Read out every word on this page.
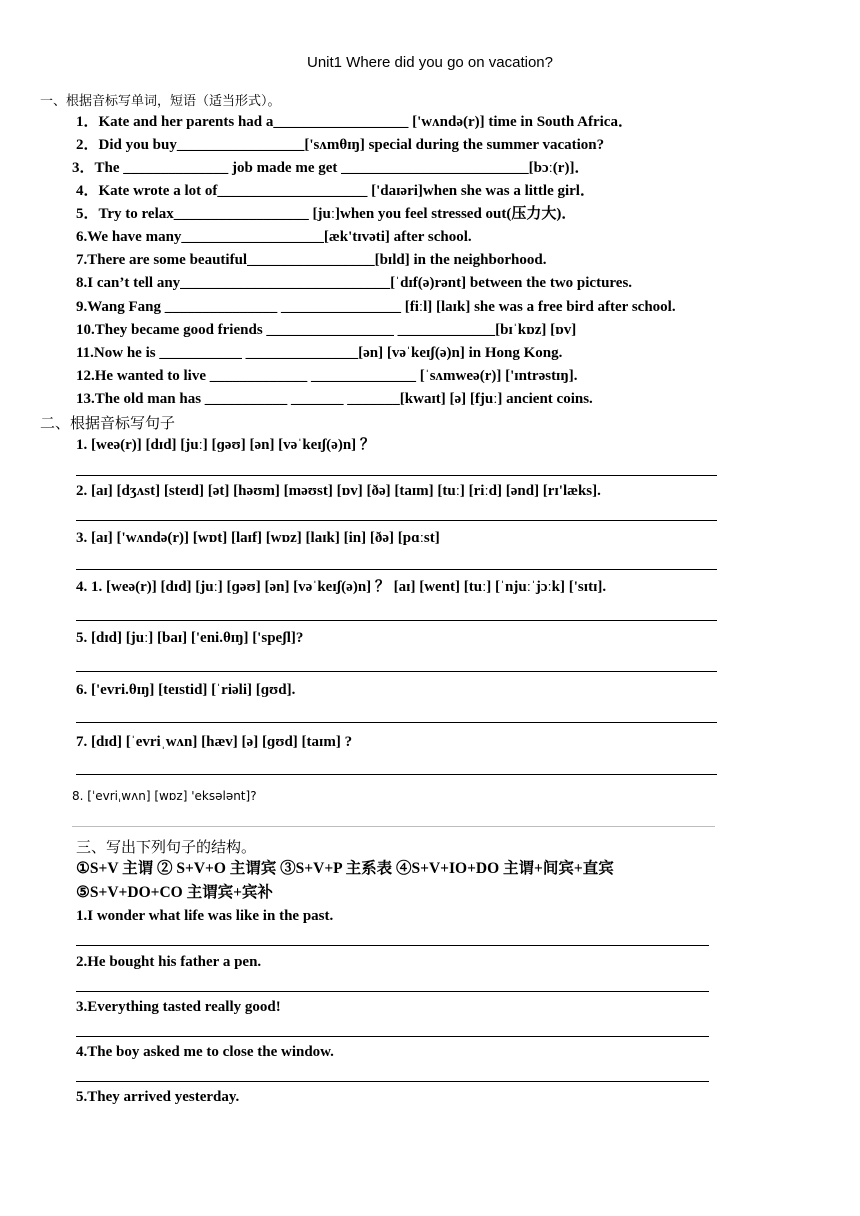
Unit1 Where did you go on vacation?
一、根据音标写单词，短语（适当形式）。
1．Kate and her parents had a__________________ ['wʌndə(r)] time in South Africa．
2．Did you buy_________________['sʌmθɪŋ] special during the summer vacation?
3．The ______________ job made me get _________________________[bɔː(r)]．
4．Kate wrote a lot of____________________ ['daɪəri]when she was a little girl．
5．Try to relax__________________ [juː]when you feel stressed out(压力大)．
6.We have many___________________[æk'tɪvəti] after school.
7.There are some beautiful_________________[bɪld] in the neighborhood.
8.I can’t tell any____________________________[ˈdɪf(ə)rənt] between the two pictures.
9.Wang Fang _______________ ________________ [fiːl] [laɪk] she was a free bird after school.
10.They became good friends _________________ _____________[bɪˈkɒz] [ɒv]
11.Now he is ___________ _______________[ən] [vəˈkeɪʃ(ə)n] in Hong Kong.
12.He wanted to live _____________ ______________ [ˈsʌmweə(r)] ['ɪntrəstɪŋ].
13.The old man has ___________ _______ _______[kwaɪt] [ə] [fjuː] ancient coins.
二、根据音标写句子
1. [weə(r)] [dɪd] [juː] [ɡəʊ] [ən] [vəˈkeɪʃ(ə)n] ？
2. [aɪ] [dʒʌst] [steɪd] [ət] [həʊm] [məʊst] [ɒv] [ðə] [taɪm] [tuː] [riːd] [ənd] [rɪ'læks].
3. [aɪ] ['wʌndə(r)] [wɒt] [laɪf] [wɒz] [laɪk] [in] [ðə] [pɑːst]
4. 1. [weə(r)] [dɪd] [juː] [ɡəʊ] [ən] [vəˈkeɪʃ(ə)n] ？ [aɪ] [went] [tuː] [ˈnjuːˈjɔːk] ['sɪtɪ].
5. [dɪd] [juː] [baɪ] ['eni.θɪŋ] ['speʃl]?
6. ['evri.θɪŋ] [teɪstid] [ˈriəli] [ɡʊd].
7. [dɪd] [ˈevriˌwʌn] [hæv] [ə] [ɡʊd] [taɪm] ?
8. [ˈevriˌwʌn] [wɒz] 'eksələnt]?
三、写出下列句子的结构。
①S+V 主谓 ② S+V+O 主谓宾 ③S+V+P 主系表 ④S+V+IO+DO 主谓+间宾+直宾
⑤S+V+DO+CO 主谓宾+宾补
1.I wonder what life was like in the past.
2.He bought his father a pen.
3.Everything tasted really good!
4.The boy asked me to close the window.
5.They arrived yesterday.
